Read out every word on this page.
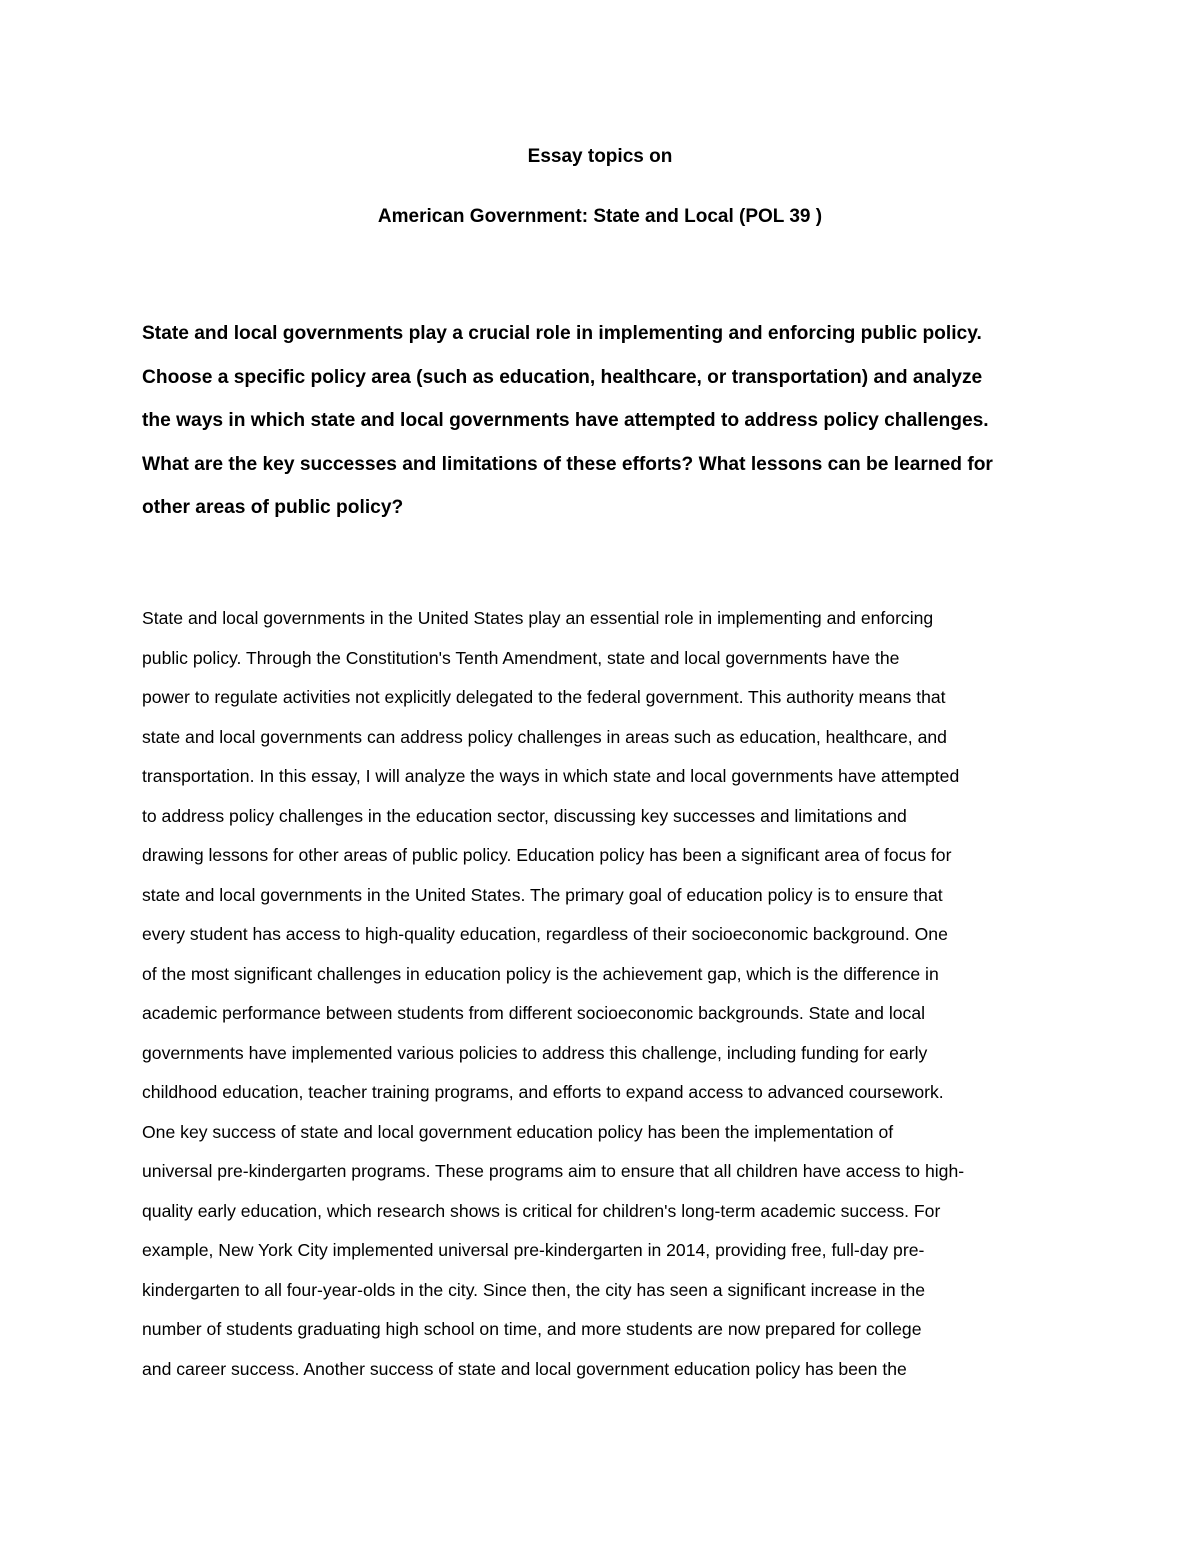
Essay topics on
American Government: State and Local (POL 39 )
State and local governments play a crucial role in implementing and enforcing public policy.
Choose a specific policy area (such as education, healthcare, or transportation) and analyze
the ways in which state and local governments have attempted to address policy challenges.
What are the key successes and limitations of these efforts? What lessons can be learned for
other areas of public policy?
State and local governments in the United States play an essential role in implementing and enforcing
public policy. Through the Constitution's Tenth Amendment, state and local governments have the
power to regulate activities not explicitly delegated to the federal government. This authority means that
state and local governments can address policy challenges in areas such as education, healthcare, and
transportation. In this essay, I will analyze the ways in which state and local governments have attempted
to address policy challenges in the education sector, discussing key successes and limitations and
drawing lessons for other areas of public policy. Education policy has been a significant area of focus for
state and local governments in the United States. The primary goal of education policy is to ensure that
every student has access to high-quality education, regardless of their socioeconomic background. One
of the most significant challenges in education policy is the achievement gap, which is the difference in
academic performance between students from different socioeconomic backgrounds. State and local
governments have implemented various policies to address this challenge, including funding for early
childhood education, teacher training programs, and efforts to expand access to advanced coursework.
One key success of state and local government education policy has been the implementation of
universal pre-kindergarten programs. These programs aim to ensure that all children have access to high-
quality early education, which research shows is critical for children's long-term academic success. For
example, New York City implemented universal pre-kindergarten in 2014, providing free, full-day pre-
kindergarten to all four-year-olds in the city. Since then, the city has seen a significant increase in the
number of students graduating high school on time, and more students are now prepared for college
and career success. Another success of state and local government education policy has been the
